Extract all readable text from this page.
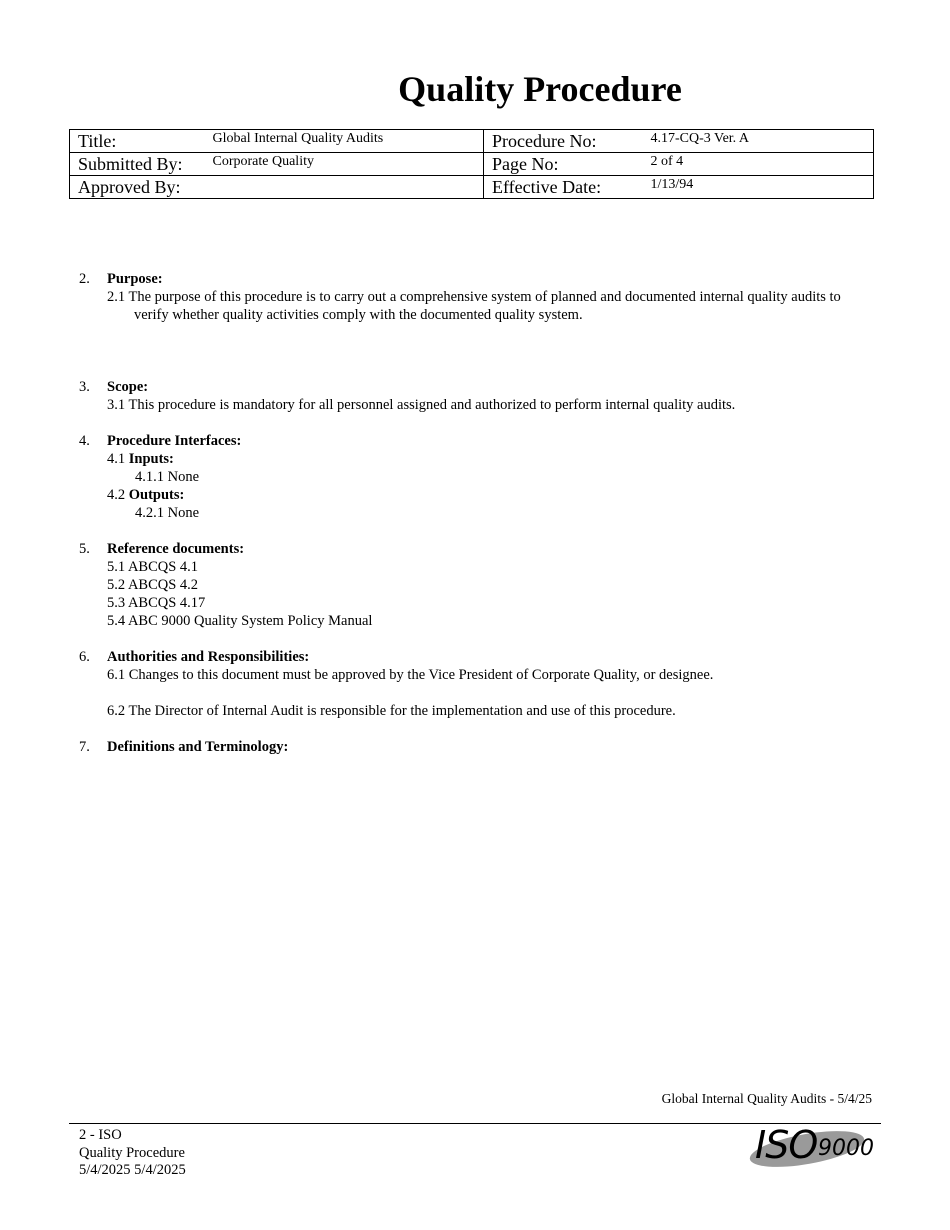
Quality Procedure
Title:	Global Internal Quality Audits	Procedure No:	4.17-CQ-3 Ver. A
Submitted By:	Corporate Quality	Page No:	2 of 4
Approved By:		Effective Date:	1/13/94
2. Purpose:
2.1 The purpose of this procedure is to carry out a comprehensive system of planned and documented internal quality audits to verify whether quality activities comply with the documented quality system.
3. Scope:
3.1 This procedure is mandatory for all personnel assigned and authorized to perform internal quality audits.
4. Procedure Interfaces:
4.1 Inputs:
4.1.1 None
4.2 Outputs:
4.2.1 None
5. Reference documents:
5.1 ABCQS 4.1
5.2 ABCQS 4.2
5.3 ABCQS 4.17
5.4 ABC 9000 Quality System Policy Manual
6. Authorities and Responsibilities:
6.1 Changes to this document must be approved by the Vice President of Corporate Quality, or designee.
6.2 The Director of Internal Audit is responsible for the implementation and use of this procedure.
7. Definitions and Terminology:
Global Internal Quality Audits - 5/4/25
2 - ISO
Quality Procedure
5/4/2025 5/4/2025
ISO 9000
